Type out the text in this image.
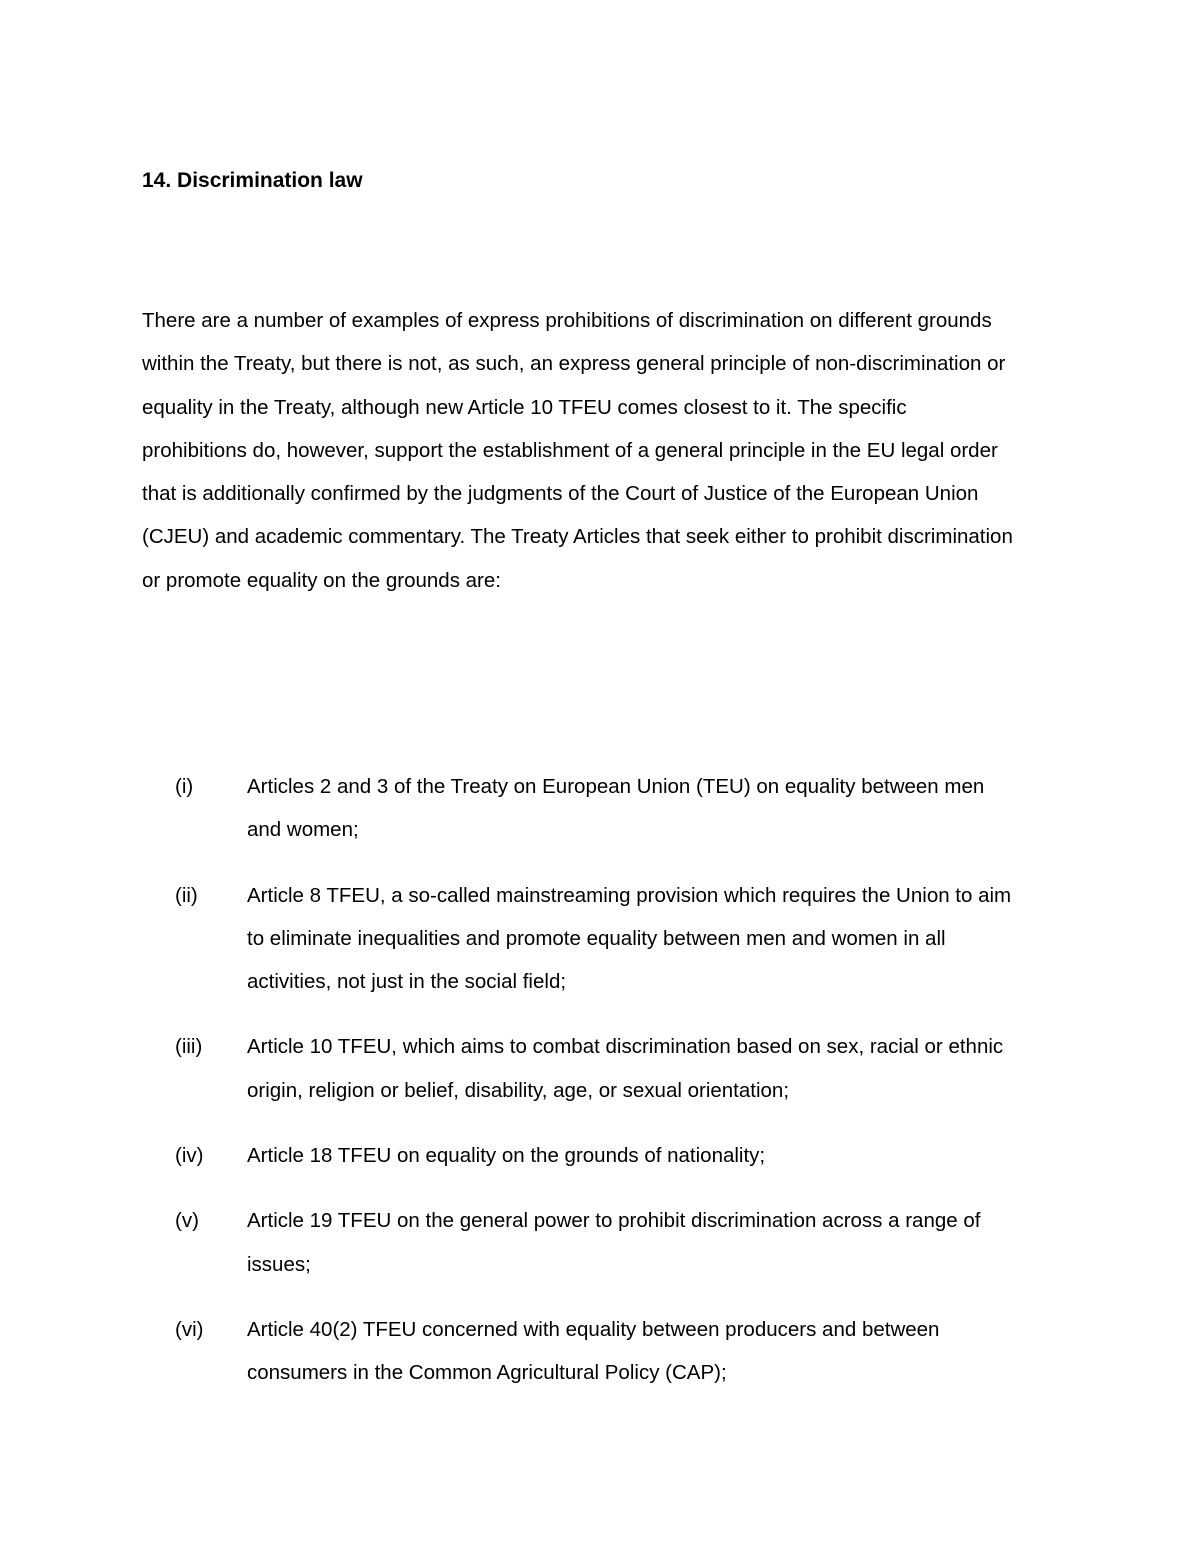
14. Discrimination law
There are a number of examples of express prohibitions of discrimination on different grounds
within the Treaty, but there is not, as such, an express general principle of non-discrimination or
equality in the Treaty, although new Article 10 TFEU comes closest to it. The specific
prohibitions do, however, support the establishment of a general principle in the EU legal order
that is additionally confirmed by the judgments of the Court of Justice of the European Union
(CJEU) and academic commentary. The Treaty Articles that seek either to prohibit discrimination
or promote equality on the grounds are:
(i)	Articles 2 and 3 of the Treaty on European Union (TEU) on equality between men
and women;
(ii) Article 8 TFEU, a so-called mainstreaming provision which requires the Union to aim
to eliminate inequalities and promote equality between men and women in all
activities, not just in the social field;
(iii) Article 10 TFEU, which aims to combat discrimination based on sex, racial or ethnic
origin, religion or belief, disability, age, or sexual orientation;
(iv) Article 18 TFEU on equality on the grounds of nationality;
(v) Article 19 TFEU on the general power to prohibit discrimination across a range of
issues;
(vi) Article 40(2) TFEU concerned with equality between producers and between
consumers in the Common Agricultural Policy (CAP);
